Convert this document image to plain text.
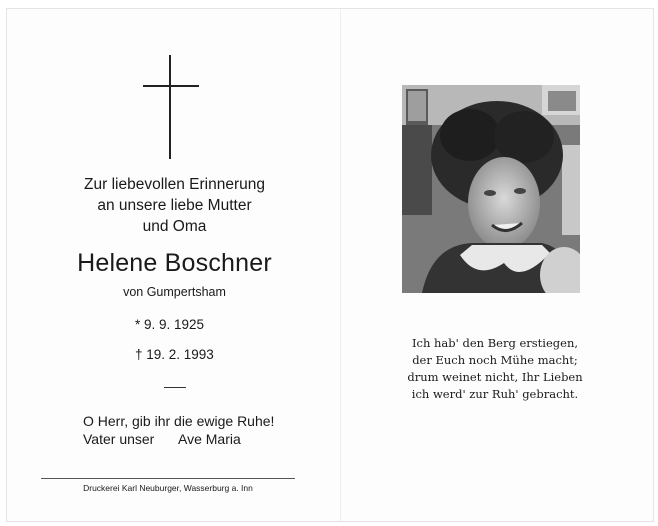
Zur liebevollen Erinnerung
an unsere liebe Mutter
und Oma
Helene Boschner
von Gumpertsham
* 9. 9. 1925
† 19. 2. 1993
O Herr, gib ihr die ewige Ruhe!
Vater unser Ave Maria
Druckerei Karl Neuburger, Wasserburg a. Inn
Ich hab' den Berg erstiegen,
der Euch noch Mühe macht;
drum weinet nicht, Ihr Lieben
ich werd' zur Ruh' gebracht.
